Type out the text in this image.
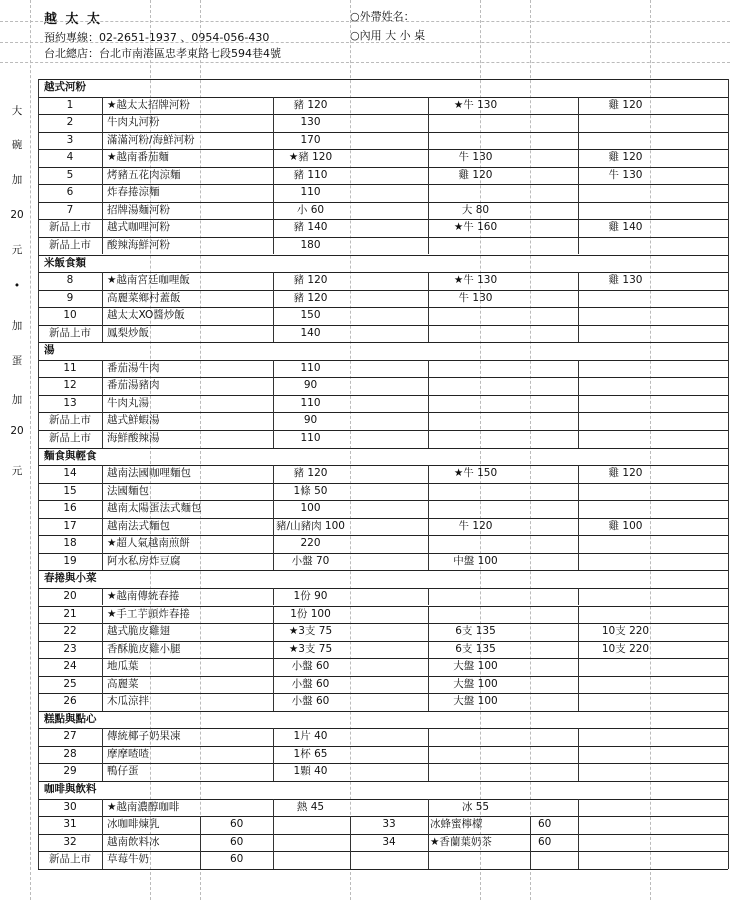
越 太 太
預約專線：02-2651-1937 、0954-056-430
台北總店：台北市南港區忠孝東路七段594巷4號
○外帶姓名：
○內用 大 小 桌
大
碗
加
20
元
•
加
蛋
加
20
元
越式河粉
1	★越太太招牌河粉	豬 120	★牛 130	雞 120
2	牛肉丸河粉	130
3	滿滿河粉/海鮮河粉	170
4	★越南番茄麵	★豬 120	牛 130	雞 120
5	烤豬五花肉涼麵	豬 110	雞 120	牛 130
6	炸春捲涼麵	110
7	招牌湯麵河粉	小 60	大 80
新品上市	越式咖哩河粉	豬 140	★牛 160	雞 140
新品上市	酸辣海鮮河粉	180
米飯食類
8	★越南宮廷咖哩飯	豬 120	★牛 130	雞 130
9	高麗菜鄉村蓋飯	豬 120	牛 130
10	越太太XO醬炒飯	150
新品上市	鳳梨炒飯	140
湯
11	番茄湯牛肉	110
12	番茄湯豬肉	90
13	牛肉丸湯	110
新品上市	越式鮮蝦湯	90
新品上市	海鮮酸辣湯	110
麵食與輕食
14	越南法國咖哩麵包	豬 120	★牛 150	雞 120
15	法國麵包	1條 50
16	越南太陽蛋法式麵包	100
17	越南法式麵包	豬/山豬肉 100	牛 120	雞 100
18	★超人氣越南煎餅	220
19	阿水私房炸豆腐	小盤 70	中盤 100
春捲與小菜
20	★越南傳統春捲	1份 90
21	★手工芋頭炸春捲	1份 100
22	越式脆皮雞翅	★3支 75	6支 135	10支 220
23	香酥脆皮雞小腿	★3支 75	6支 135	10支 220
24	地瓜葉	小盤 60	大盤 100
25	高麗菜	小盤 60	大盤 100
26	木瓜涼拌	小盤 60	大盤 100
糕點與點心
27	傳統椰子奶果凍	1片 40
28	摩摩喳喳	1杯 65
29	鴨仔蛋	1顆 40
咖啡與飲料
30	★越南濃醇咖啡	熱 45	冰 55
31	冰咖啡煉乳	60	33	冰蜂蜜檸檬	60
32	越南飲料冰	60	34	★香蘭葉奶茶	60
新品上市	草莓牛奶	60
